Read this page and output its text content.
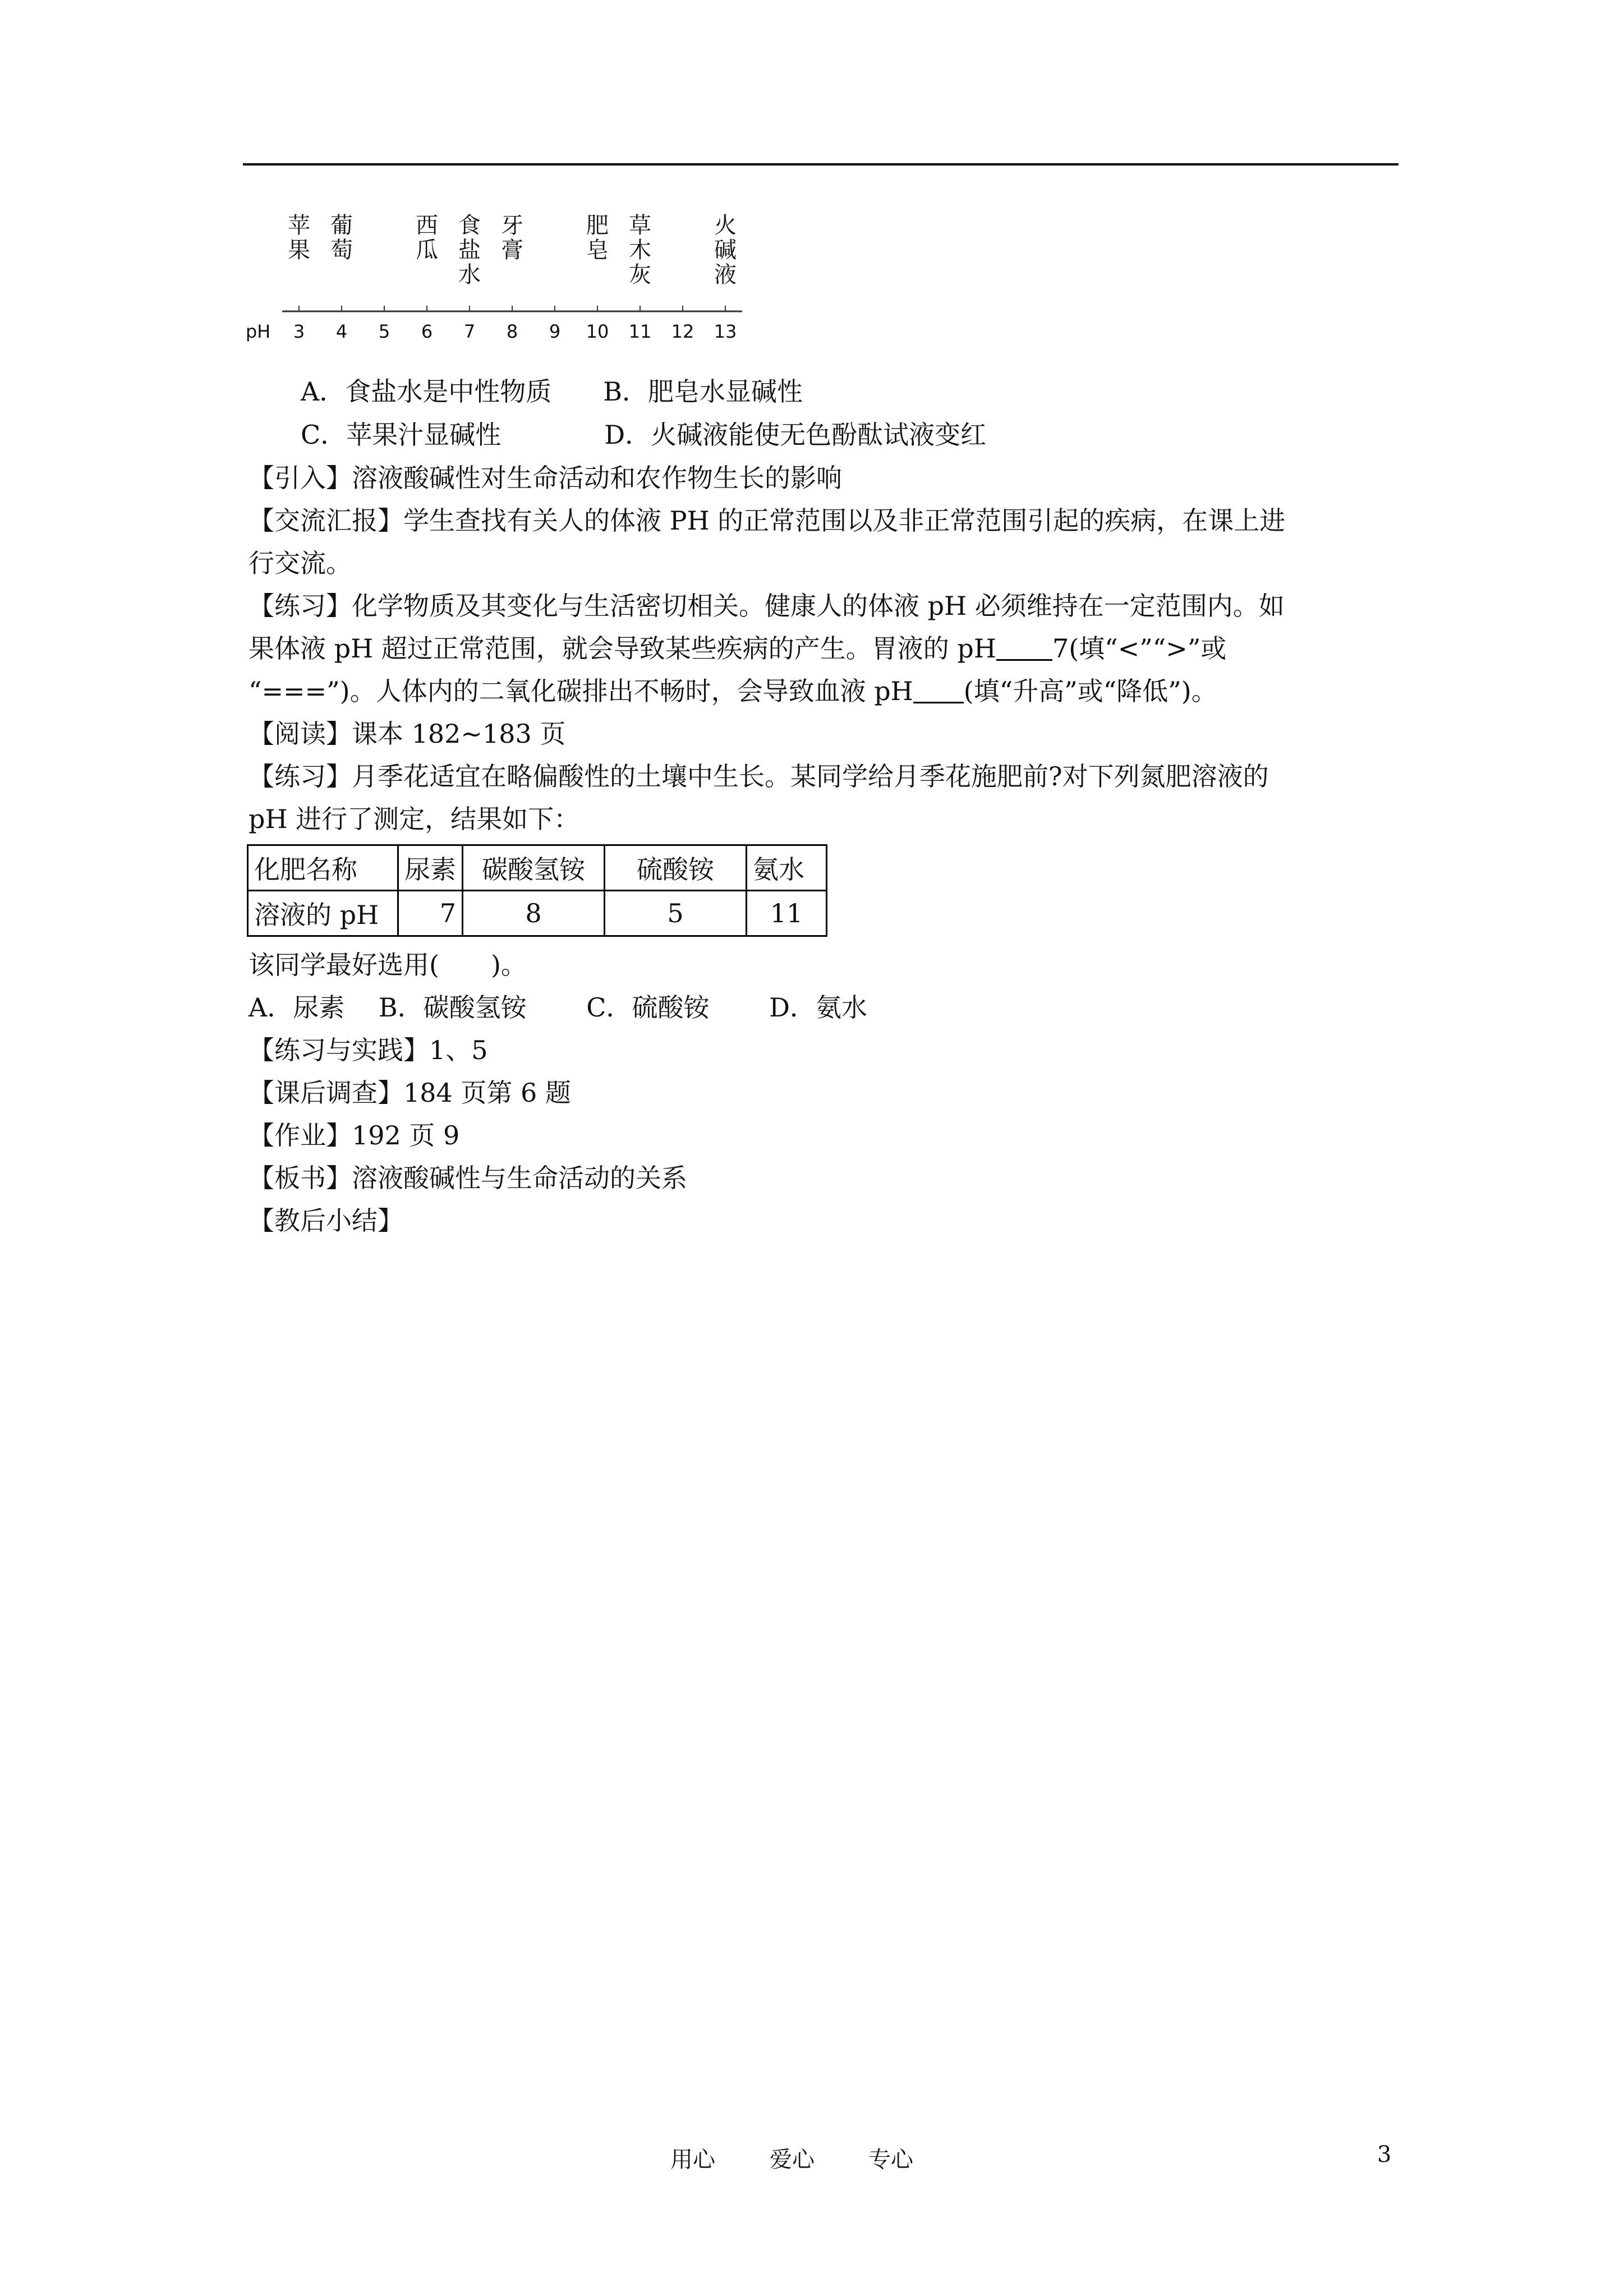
pH	3	4	5	6	7	8	9	10	11	12	13
苹
果
葡
萄
西
瓜
食
盐
水
牙
膏
肥
皂
草
木
灰
火
碱
液
A．食盐水是中性物质　　B．肥皂水显碱性
C．苹果汁显碱性　　　　D．火碱液能使无色酚酞试液变红
【引入】溶液酸碱性对生命活动和农作物生长的影响
【交流汇报】学生查找有关人的体液 PH 的正常范围以及非正常范围引起的疾病，在课上进
行交流。
【练习】化学物质及其变化与生活密切相关。健康人的体液 pH 必须维持在一定范围内。如
果体液 pH 超过正常范围，就会导致某些疾病的产生。胃液的 pH 7(填“<”“>”或
“===”)。人体内的二氧化碳排出不畅时，会导致血液 pH (填“升高”或“降低”)。
【阅读】课本 182~183 页
【练习】月季花适宜在略偏酸性的土壤中生长。某同学给月季花施肥前?对下列氮肥溶液的
pH 进行了测定，结果如下：
化肥名称	尿素	碳酸氢铵	硫酸铵	氨水
溶液的 pH	7	8	5	11
该同学最好选用(　　)。
A．尿素　 B．碳酸氢铵　　 C．硫酸铵　　 D．氨水
【练习与实践】1、5
【课后调查】184 页第 6 题
【作业】192 页 9
【板书】溶液酸碱性与生命活动的关系
【教后小结】
用心 爱心 专心	3
